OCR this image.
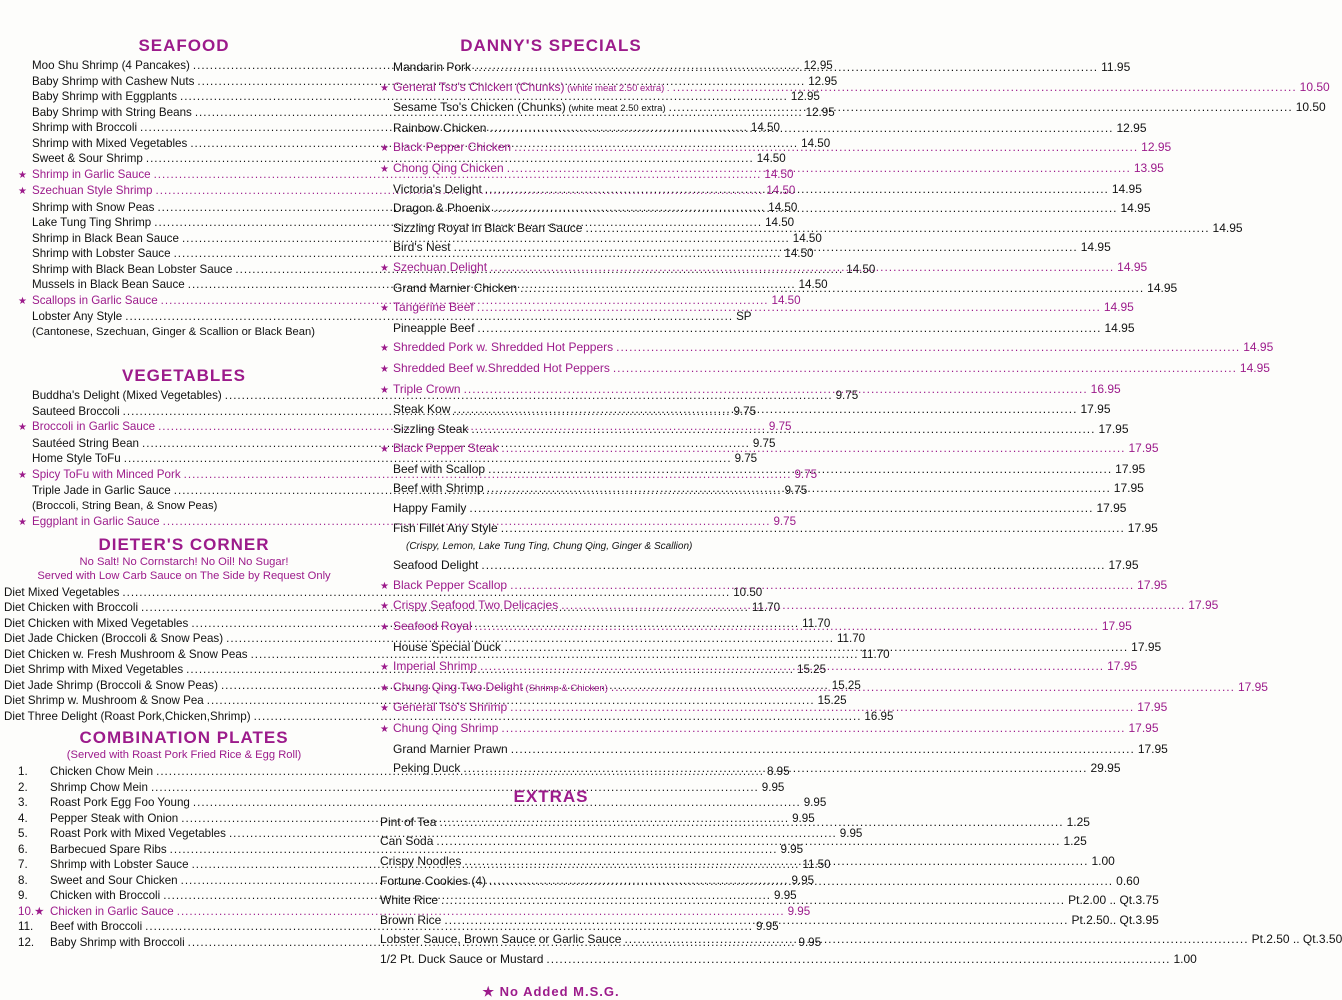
SEAFOOD
Moo Shu Shrimp (4 Pancakes) .....	12.95
Baby Shrimp with Cashew Nuts .....	12.95
Baby Shrimp with Eggplants .....	12.95
Baby Shrimp with String Beans .....	12.95
Shrimp with Broccoli .....	14.50
Shrimp with Mixed Vegetables .....	14.50
Sweet & Sour Shrimp .....	14.50
★ Shrimp in Garlic Sauce .....	14.50
★ Szechuan Style Shrimp .....	14.50
Shrimp with Snow Peas .....	14.50
Lake Tung Ting Shrimp .....	14.50
Shrimp in Black Bean Sauce .....	14.50
Shrimp with Lobster Sauce .....	14.50
Shrimp with Black Bean Lobster Sauce .....	14.50
Mussels in Black Bean Sauce .....	14.50
★ Scallops in Garlic Sauce .....	14.50
Lobster Any Style .....	SP
(Cantonese, Szechuan, Ginger & Scallion or Black Bean)
VEGETABLES
Buddha's Delight (Mixed Vegetables) .....	9.75
Sauteed Broccoli .....	9.75
★ Broccoli in Garlic Sauce .....	9.75
Sautéed String Bean .....	9.75
Home Style ToFu .....	9.75
★ Spicy ToFu with Minced Pork .....	9.75
Triple Jade in Garlic Sauce .....	9.75
(Broccoli, String Bean, & Snow Peas)
★ Eggplant in Garlic Sauce .....	9.75
DIETER'S CORNER
No Salt! No Cornstarch! No Oil! No Sugar!
Served with Low Carb Sauce on The Side by Request Only
Diet Mixed Vegetables .....	10.50
Diet Chicken with Broccoli .....	11.70
Diet Chicken with Mixed Vegetables .....	11.70
Diet Jade Chicken (Broccoli & Snow Peas) .....	11.70
Diet Chicken w. Fresh Mushroom & Snow Peas .....	11.70
Diet Shrimp with Mixed Vegetables .....	15.25
Diet Jade Shrimp (Broccoli & Snow Peas) .....	15.25
Diet Shrimp w. Mushroom & Snow Pea .....	15.25
Diet Three Delight (Roast Pork,Chicken,Shrimp) .....	16.95
COMBINATION PLATES
(Served with Roast Pork Fried Rice & Egg Roll)
1.	Chicken Chow Mein .....	8.95
2.	Shrimp Chow Mein .....	9.95
3.	Roast Pork Egg Foo Young .....	9.95
4.	Pepper Steak with Onion .....	9.95
5.	Roast Pork with Mixed Vegetables .....	9.95
6.	Barbecued Spare Ribs .....	9.95
7.	Shrimp with Lobster Sauce .....	11.50
8.	Sweet and Sour Chicken .....	9.95
9.	Chicken with Broccoli .....	9.95
10.★ Chicken in Garlic Sauce .....	9.95
11.	Beef with Broccoli .....	9.95
12.	Baby Shrimp with Broccoli .....	9.95
DANNY'S SPECIALS
Mandarin Pork .....	11.95
★ General Tso's Chicken (Chunks) (white meat 2.50 extra) . .....	10.50
Sesame Tso's Chicken (Chunks) (white meat 2.50 extra) .....	10.50
Rainbow Chicken .....	12.95
★ Black Pepper Chicken .....	12.95
★ Chong Qing Chicken .....	13.95
Victoria's Delight .....	14.95
Dragon & Phoenix .....	14.95
Sizzling Royal in Black Bean Sauce .....	14.95
Bird's Nest .....	14.95
★ Szechuan Delight .....	14.95
Grand Marnier Chicken .....	14.95
★ Tangerine Beef .....	14.95
Pineapple Beef .....	14.95
★ Shredded Pork w. Shredded Hot Peppers .....	14.95
★ Shredded Beef w.Shredded Hot Peppers .....	14.95
★ Triple Crown .....	16.95
Steak Kow .....	17.95
Sizzling Steak .....	17.95
★ Black Pepper Steak .....	17.95
Beef with Scallop .....	17.95
Beef with Shrimp .....	17.95
Happy Family .....	17.95
Fish Fillet Any Style .....	17.95
(Crispy, Lemon, Lake Tung Ting, Chung Qing, Ginger & Scallion)
Seafood Delight .....	17.95
★ Black Pepper Scallop .....	17.95
★ Crispy Seafood Two Delicacies .....	17.95
★ Seafood Royal .....	17.95
House Special Duck .....	17.95
★ Imperial Shrimp .....	17.95
★ Chung Qing Two Delight (Shrimp & Chicken) .....	17.95
★ General Tso's Shrimp .....	17.95
★ Chung Qing Shrimp .....	17.95
Grand Marnier Prawn .....	17.95
Peking Duck .....	29.95
EXTRAS
Pint of Tea .....	1.25
Can Soda .....	1.25
Crispy Noodles .....	1.00
Fortune Cookies (4) .....	0.60
White Rice .....	Pt.2.00 .. Qt.3.75
Brown Rice .....	Pt.2.50.. Qt.3.95
Lobster Sauce, Brown Sauce or Garlic Sauce .....	Pt.2.50 .. Qt.3.50
1/2 Pt. Duck Sauce or Mustard .....	1.00
★ No Added M.S.G.
